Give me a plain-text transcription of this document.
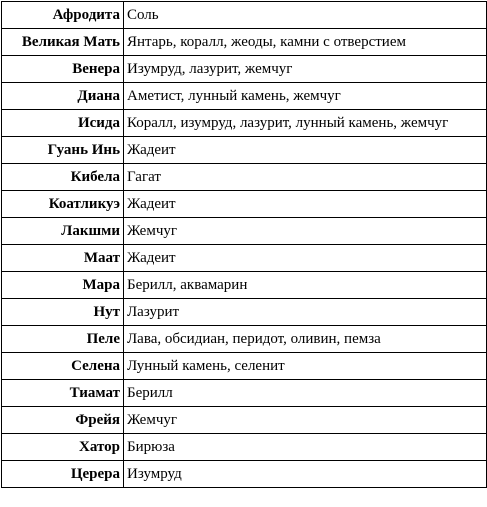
Афродита	Соль
Великая Мать	Янтарь, коралл, жеоды, камни с отверстием
Венера	Изумруд, лазурит, жемчуг
Диана	Аметист, лунный камень, жемчуг
Исида	Коралл, изумруд, лазурит, лунный камень, жемчуг
Гуань Инь	Жадеит
Кибела	Гагат
Коатликуэ	Жадеит
Лакшми	Жемчуг
Маат	Жадеит
Мара	Берилл, аквамарин
Нут	Лазурит
Пеле	Лава, обсидиан, перидот, оливин, пемза
Селена	Лунный камень, селенит
Тиамат	Берилл
Фрейя	Жемчуг
Хатор	Бирюза
Церера	Изумруд
